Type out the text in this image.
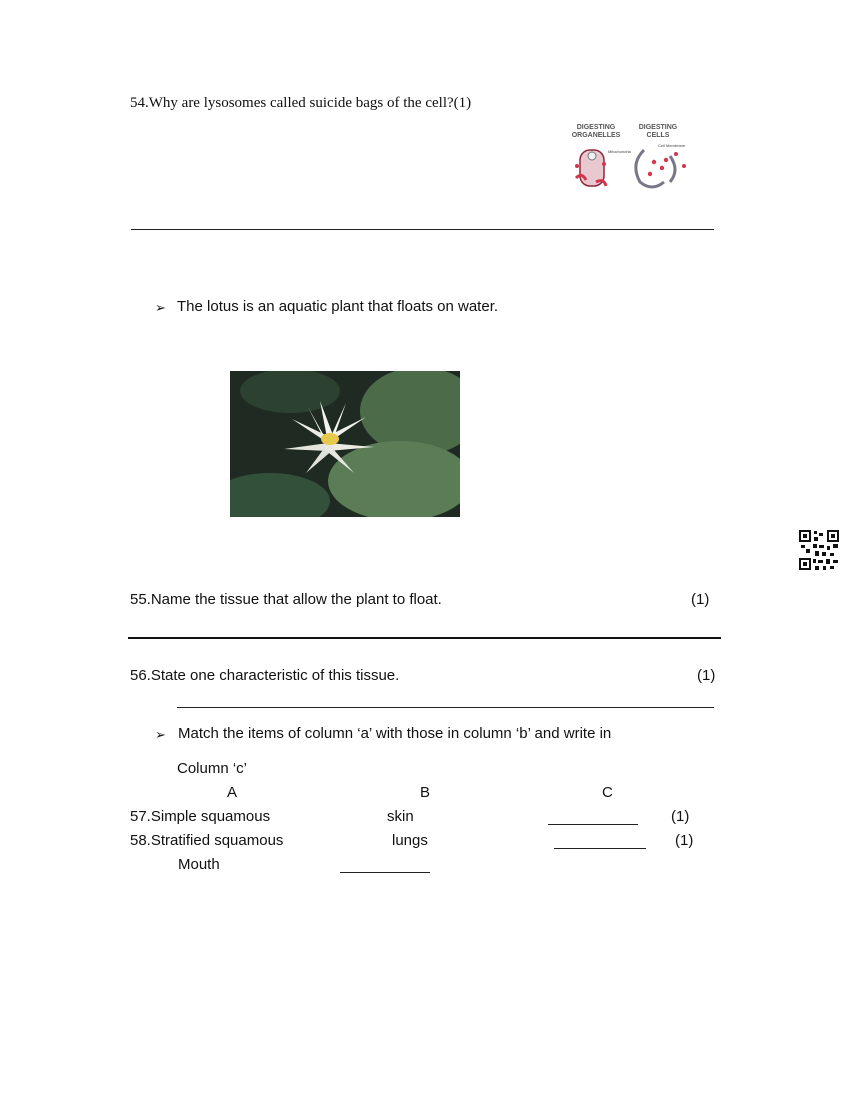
54.Why are lysosomes called suicide bags of the cell?(1)
DIGESTING
ORGANELLES
DIGESTING
CELLS
Mitochondria
Cell Membrane
➢ The lotus is an aquatic plant that floats on water.
55.Name the tissue that allow the plant to float.	(1)
56.State one characteristic of this tissue.	(1)
➢ Match the items of column ‘a’ with those in column ‘b’ and write in
Column ‘c’
A	B	C
57.Simple squamous	skin	(1)
58.Stratified squamous	lungs	(1)
Mouth
